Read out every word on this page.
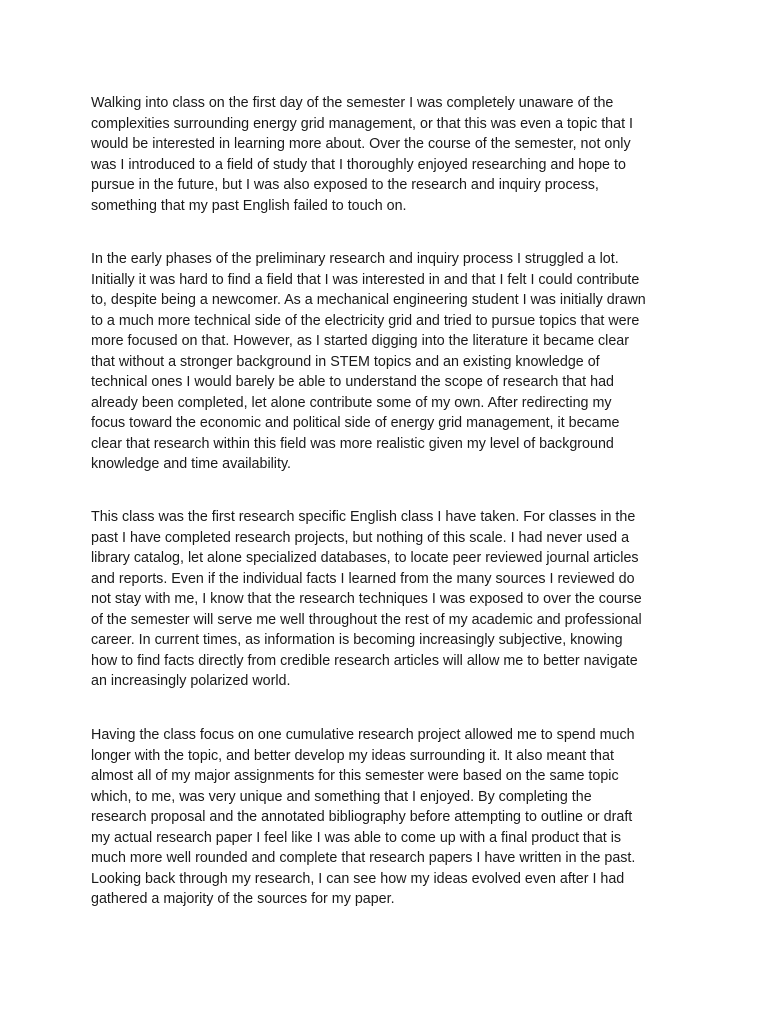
Walking into class on the first day of the semester I was completely unaware of the
complexities surrounding energy grid management, or that this was even a topic that I
would be interested in learning more about. Over the course of the semester, not only
was I introduced to a field of study that I thoroughly enjoyed researching and hope to
pursue in the future, but I was also exposed to the research and inquiry process,
something that my past English failed to touch on.

In the early phases of the preliminary research and inquiry process I struggled a lot.
Initially it was hard to find a field that I was interested in and that I felt I could contribute
to, despite being a newcomer. As a mechanical engineering student I was initially drawn
to a much more technical side of the electricity grid and tried to pursue topics that were
more focused on that. However, as I started digging into the literature it became clear
that without a stronger background in STEM topics and an existing knowledge of
technical ones I would barely be able to understand the scope of research that had
already been completed, let alone contribute some of my own. After redirecting my
focus toward the economic and political side of energy grid management, it became
clear that research within this field was more realistic given my level of background
knowledge and time availability.

This class was the first research specific English class I have taken. For classes in the
past I have completed research projects, but nothing of this scale. I had never used a
library catalog, let alone specialized databases, to locate peer reviewed journal articles
and reports. Even if the individual facts I learned from the many sources I reviewed do
not stay with me, I know that the research techniques I was exposed to over the course
of the semester will serve me well throughout the rest of my academic and professional
career. In current times, as information is becoming increasingly subjective, knowing
how to find facts directly from credible research articles will allow me to better navigate
an increasingly polarized world.

Having the class focus on one cumulative research project allowed me to spend much
longer with the topic, and better develop my ideas surrounding it. It also meant that
almost all of my major assignments for this semester were based on the same topic
which, to me, was very unique and something that I enjoyed. By completing the
research proposal and the annotated bibliography before attempting to outline or draft
my actual research paper I feel like I was able to come up with a final product that is
much more well rounded and complete that research papers I have written in the past.
Looking back through my research, I can see how my ideas evolved even after I had
gathered a majority of the sources for my paper.
